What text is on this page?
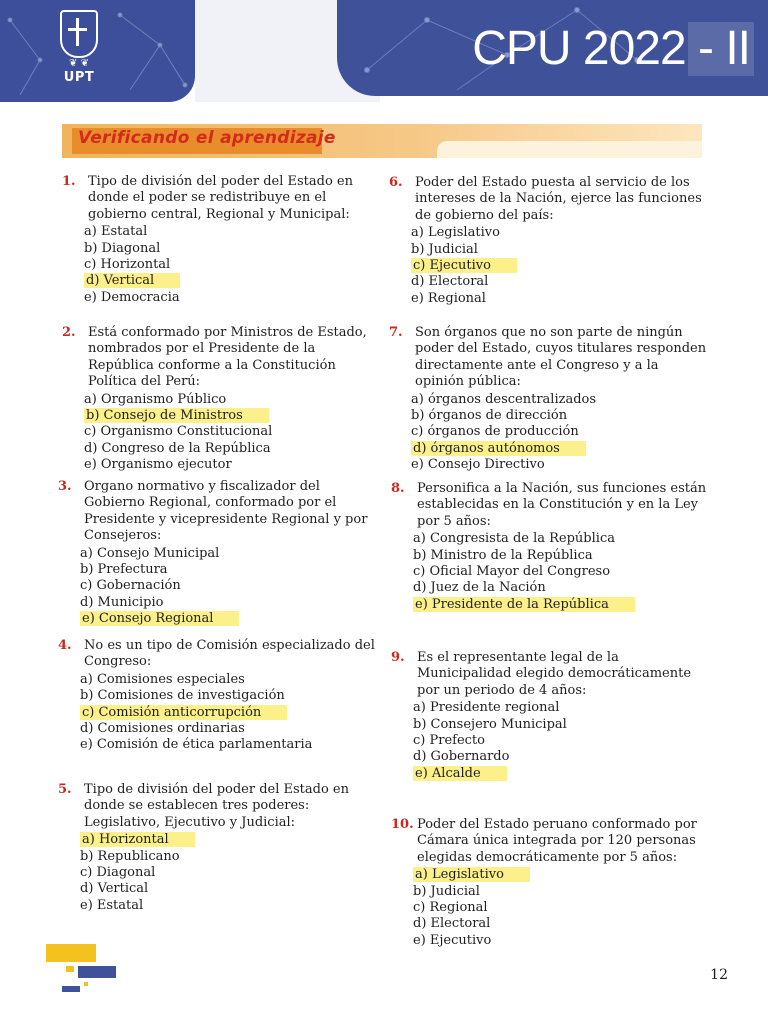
❦ ❦
UPT
CPU 2022 - II
Verificando el aprendizaje
1. Tipo de división del poder del Estado en donde el poder se redistribuye en el gobierno central, Regional y Municipal:
a) Estatal
b) Diagonal
c) Horizontal
d) Vertical
e) Democracia
2. Está conformado por Ministros de Estado, nombrados por el Presidente de la República conforme a la Constitución Política del Perú:
a) Organismo Público
b) Consejo de Ministros
c) Organismo Constitucional
d) Congreso de la República
e) Organismo ejecutor
3. Organo normativo y fiscalizador del Gobierno Regional, conformado por el Presidente y vicepresidente Regional y por Consejeros:
a) Consejo Municipal
b) Prefectura
c) Gobernación
d) Municipio
e) Consejo Regional
4. No es un tipo de Comisión especializado del Congreso:
a) Comisiones especiales
b) Comisiones de investigación
c) Comisión anticorrupción
d) Comisiones ordinarias
e) Comisión de ética parlamentaria
5. Tipo de división del poder del Estado en donde se establecen tres poderes: Legislativo, Ejecutivo y Judicial:
a) Horizontal
b) Republicano
c) Diagonal
d) Vertical
e) Estatal
6. Poder del Estado puesta al servicio de los intereses de la Nación, ejerce las funciones de gobierno del país:
a) Legislativo
b) Judicial
c) Ejecutivo
d) Electoral
e) Regional
7. Son órganos que no son parte de ningún poder del Estado, cuyos titulares responden directamente ante el Congreso y a la opinión pública:
a) órganos descentralizados
b) órganos de dirección
c) órganos de producción
d) órganos autónomos
e) Consejo Directivo
8. Personifica a la Nación, sus funciones están establecidas en la Constitución y en la Ley por 5 años:
a) Congresista de la República
b) Ministro de la República
c) Oficial Mayor del Congreso
d) Juez de la Nación
e) Presidente de la República
9. Es el representante legal de la Municipalidad elegido democráticamente por un periodo de 4 años:
a) Presidente regional
b) Consejero Municipal
c) Prefecto
d) Gobernardo
e) Alcalde
10. Poder del Estado peruano conformado por Cámara única integrada por 120 personas elegidas democráticamente por 5 años:
a) Legislativo
b) Judicial
c) Regional
d) Electoral
e) Ejecutivo
12
